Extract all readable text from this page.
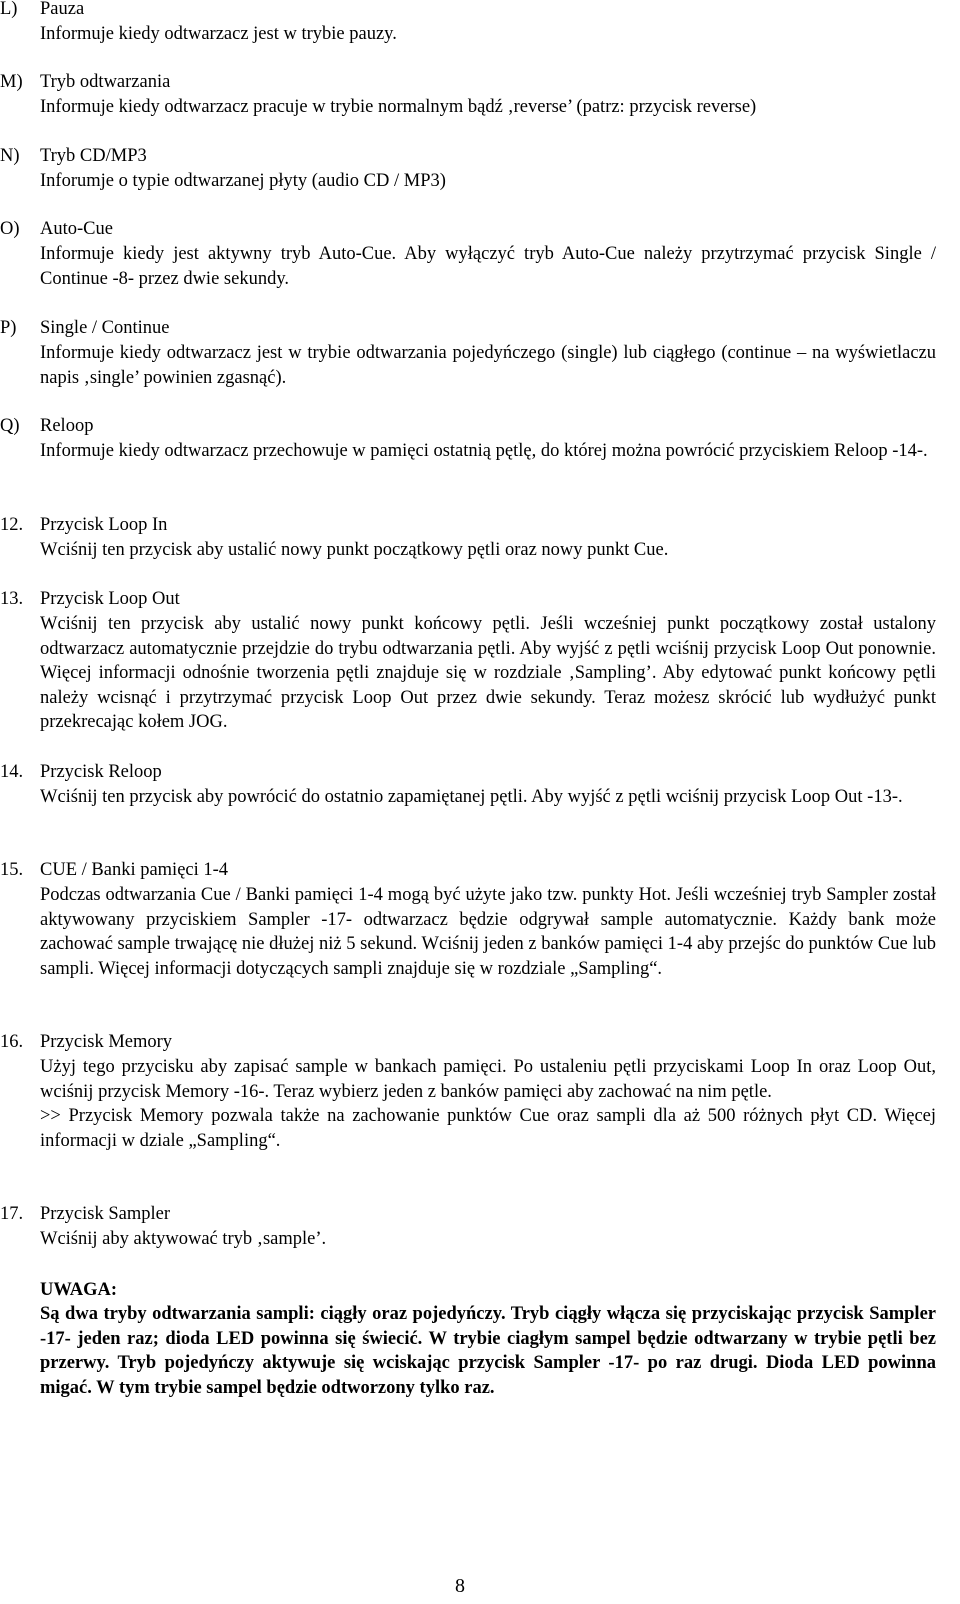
L) Pauza

Informuje kiedy odtwarzacz jest w trybie pauzy.

M) Tryb odtwarzania

Informuje kiedy odtwarzacz pracuje w trybie normalnym bądź ‚reverse’ (patrz: przycisk reverse)

N) Tryb CD/MP3

Inforumje o typie odtwarzanej płyty (audio CD / MP3)

O) Auto-Cue

Informuje kiedy jest aktywny tryb Auto-Cue. Aby wyłączyć tryb Auto-Cue należy przytrzymać przycisk Single / Continue -8- przez dwie sekundy.

P) Single / Continue

Informuje kiedy odtwarzacz jest w trybie odtwarzania pojedyńczego (single) lub ciągłego (continue – na wyświetlaczu napis ‚single’ powinien zgasnąć).

Q) Reloop

Informuje kiedy odtwarzacz przechowuje w pamięci ostatnią pętlę, do której można powrócić przyciskiem Reloop -14-.

12. Przycisk Loop In

Wciśnij ten przycisk aby ustalić nowy punkt początkowy pętli oraz nowy punkt Cue.

13. Przycisk Loop Out

Wciśnij ten przycisk aby ustalić nowy punkt końcowy pętli. Jeśli wcześniej punkt początkowy został ustalony odtwarzacz automatycznie przejdzie do trybu odtwarzania pętli. Aby wyjść z pętli wciśnij przycisk Loop Out ponownie. Więcej informacji odnośnie tworzenia pętli znajduje się w rozdziale ‚Sampling’. Aby edytować punkt końcowy pętli należy wcisnąć i przytrzymać przycisk Loop Out przez dwie sekundy. Teraz możesz skrócić lub wydłużyć punkt przekrecając kołem JOG.

14. Przycisk Reloop

Wciśnij ten przycisk aby powrócić do ostatnio zapamiętanej pętli. Aby wyjść z pętli wciśnij przycisk Loop Out -13-.

15. CUE / Banki pamięci 1-4

Podczas odtwarzania Cue / Banki pamięci 1-4 mogą być użyte jako tzw. punkty Hot. Jeśli wcześniej tryb Sampler został aktywowany przyciskiem Sampler -17- odtwarzacz będzie odgrywał sample automatycznie. Każdy bank może zachować sample trwającę nie dłużej niż 5 sekund. Wciśnij jeden z banków pamięci 1-4 aby przejśc do punktów Cue lub sampli. Więcej informacji dotyczących sampli znajduje się w rozdziale „Sampling“.

16. Przycisk Memory

Użyj tego przycisku aby zapisać sample w bankach pamięci. Po ustaleniu pętli przyciskami Loop In oraz Loop Out, wciśnij przycisk Memory -16-. Teraz wybierz jeden z banków pamięci aby zachować na nim pętle.

>> Przycisk Memory pozwala także na zachowanie punktów Cue oraz sampli dla aż 500 różnych płyt CD. Więcej informacji w dziale „Sampling“.

17. Przycisk Sampler

Wciśnij aby aktywować tryb ‚sample’.

UWAGA:
Są dwa tryby odtwarzania sampli: ciągły oraz pojedyńczy. Tryb ciągły włącza się przyciskając przycisk Sampler -17- jeden raz; dioda LED powinna się świecić. W trybie ciagłym sampel będzie odtwarzany w trybie pętli bez przerwy. Tryb pojedyńczy aktywuje się wciskając przycisk Sampler -17- po raz drugi. Dioda LED powinna migać. W tym trybie sampel będzie odtworzony tylko raz.
8
